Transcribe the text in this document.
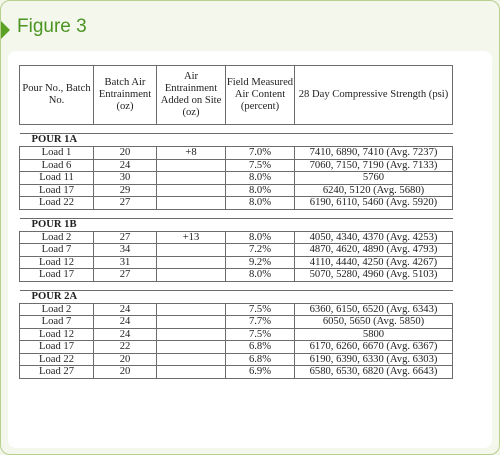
Figure 3
Pour No., Batch No.	Batch Air Entrainment (oz)	Air Entrainment Added on Site (oz)	Field Measured Air Content (percent)	28 Day Compressive Strength (psi)

POUR 1A				
Load 1	20	+8	7.0%	7410, 6890, 7410 (Avg. 7237)
Load 6	24		7.5%	7060, 7150, 7190 (Avg. 7133)
Load 11	30		8.0%	5760
Load 17	29		8.0%	6240, 5120 (Avg. 5680)
Load 22	27		8.0%	6190, 6110, 5460 (Avg. 5920)

POUR 1B				
Load 2	27	+13	8.0%	4050, 4340, 4370 (Avg. 4253)
Load 7	34		7.2%	4870, 4620, 4890 (Avg. 4793)
Load 12	31		9.2%	4110, 4440, 4250 (Avg. 4267)
Load 17	27		8.0%	5070, 5280, 4960 (Avg. 5103)

POUR 2A				
Load 2	24		7.5%	6360, 6150, 6520 (Avg. 6343)
Load 7	24		7.7%	6050, 5650 (Avg. 5850)
Load 12	24		7.5%	5800
Load 17	22		6.8%	6170, 6260, 6670 (Avg. 6367)
Load 22	20		6.8%	6190, 6390, 6330 (Avg. 6303)
Load 27	20		6.9%	6580, 6530, 6820 (Avg. 6643)
